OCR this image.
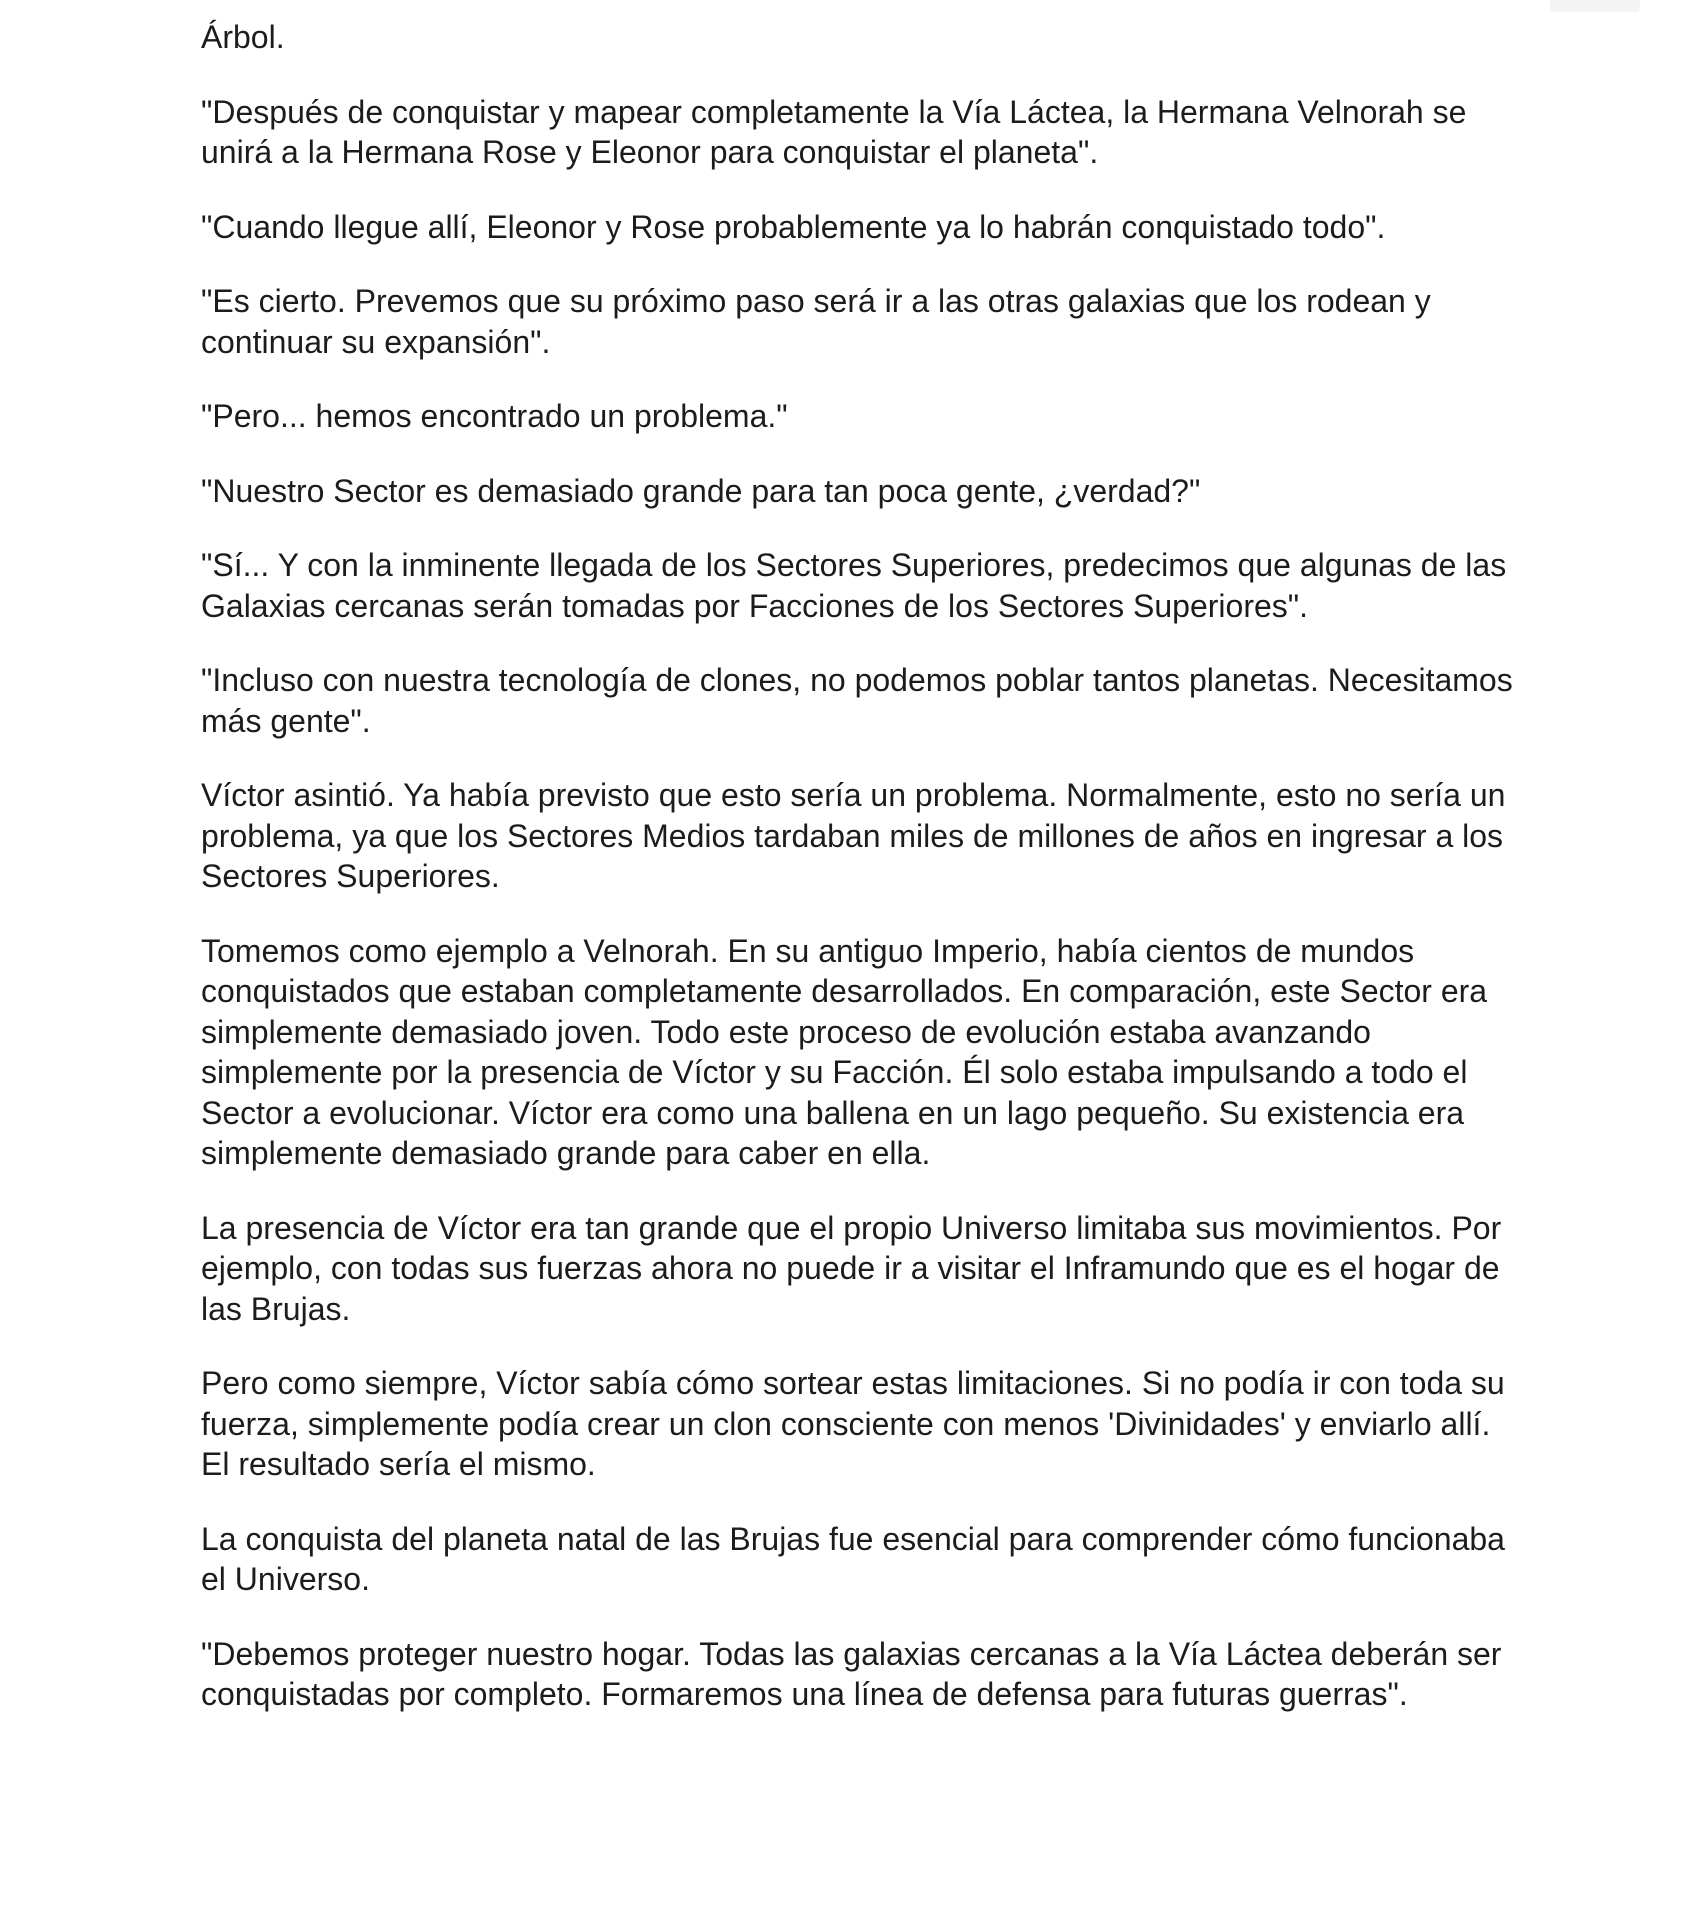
Árbol.

"Después de conquistar y mapear completamente la Vía Láctea, la Hermana Velnorah se unirá a la Hermana Rose y Eleonor para conquistar el planeta".

"Cuando llegue allí, Eleonor y Rose probablemente ya lo habrán conquistado todo".

"Es cierto. Prevemos que su próximo paso será ir a las otras galaxias que los rodean y continuar su expansión".

"Pero... hemos encontrado un problema."

"Nuestro Sector es demasiado grande para tan poca gente, ¿verdad?"

"Sí... Y con la inminente llegada de los Sectores Superiores, predecimos que algunas de las Galaxias cercanas serán tomadas por Facciones de los Sectores Superiores".

"Incluso con nuestra tecnología de clones, no podemos poblar tantos planetas. Necesitamos más gente".

Víctor asintió. Ya había previsto que esto sería un problema. Normalmente, esto no sería un problema, ya que los Sectores Medios tardaban miles de millones de años en ingresar a los Sectores Superiores.

Tomemos como ejemplo a Velnorah. En su antiguo Imperio, había cientos de mundos conquistados que estaban completamente desarrollados. En comparación, este Sector era simplemente demasiado joven. Todo este proceso de evolución estaba avanzando simplemente por la presencia de Víctor y su Facción. Él solo estaba impulsando a todo el Sector a evolucionar. Víctor era como una ballena en un lago pequeño. Su existencia era simplemente demasiado grande para caber en ella.

La presencia de Víctor era tan grande que el propio Universo limitaba sus movimientos. Por ejemplo, con todas sus fuerzas ahora no puede ir a visitar el Inframundo que es el hogar de las Brujas.

Pero como siempre, Víctor sabía cómo sortear estas limitaciones. Si no podía ir con toda su fuerza, simplemente podía crear un clon consciente con menos 'Divinidades' y enviarlo allí. El resultado sería el mismo.

La conquista del planeta natal de las Brujas fue esencial para comprender cómo funcionaba el Universo.

"Debemos proteger nuestro hogar. Todas las galaxias cercanas a la Vía Láctea deberán ser conquistadas por completo. Formaremos una línea de defensa para futuras guerras".
